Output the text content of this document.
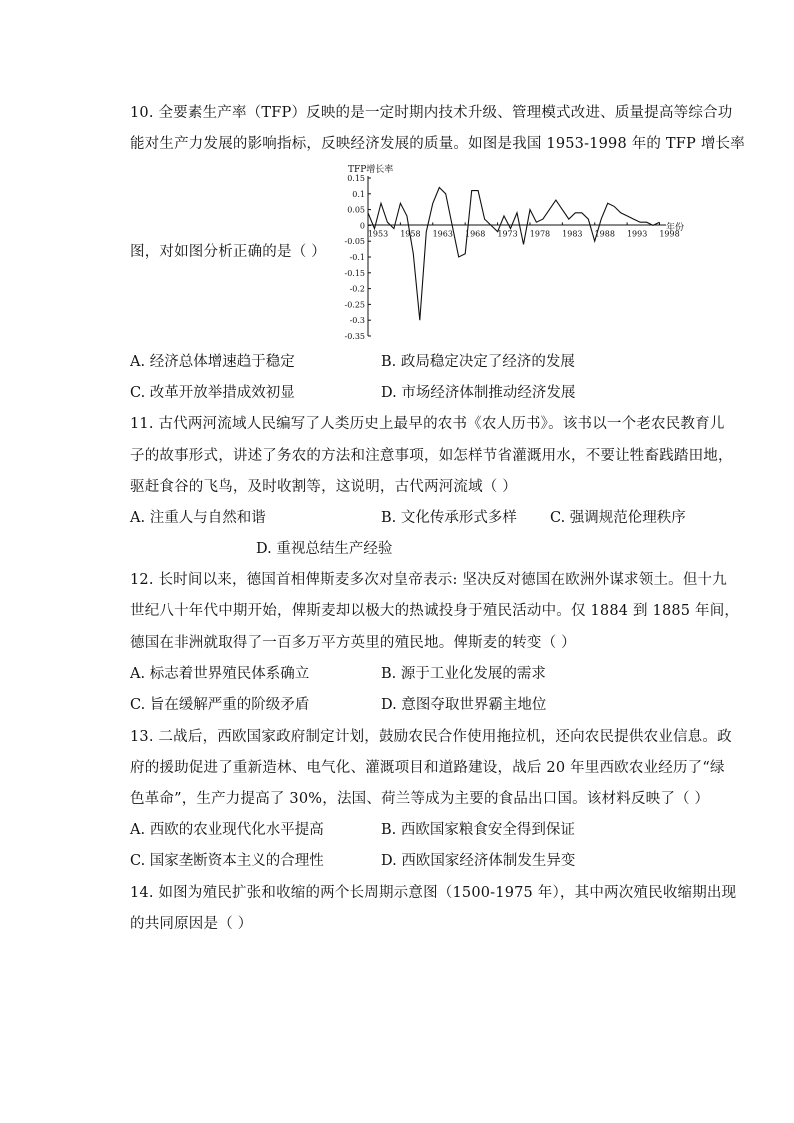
10. 全要素生产率（TFP）反映的是一定时期内技术升级、管理模式改进、质量提高等综合功
能对生产力发展的影响指标，反映经济发展的质量。如图是我国 1953-1998 年的 TFP 增长率
图，对如图分析正确的是（ ）
TFP增长率
年份
0.15
0.1
0.05
0
-0.05
-0.1
-0.15
-0.2
-0.25
-0.3
-0.35
1953 1958 1963 1968 1973 1978 1983 1988 1993 1998
A. 经济总体增速趋于稳定	B. 政局稳定决定了经济的发展
C. 改革开放举措成效初显	D. 市场经济体制推动经济发展
11. 古代两河流域人民编写了人类历史上最早的农书《农人历书》。该书以一个老农民教育儿
子的故事形式，讲述了务农的方法和注意事项，如怎样节省灌溉用水，不要让牲畜践踏田地，
驱赶食谷的飞鸟，及时收割等，这说明，古代两河流域（ ）
A. 注重人与自然和谐	B. 文化传承形式多样 C. 强调规范伦理秩序
D. 重视总结生产经验
12. 长时间以来，德国首相俾斯麦多次对皇帝表示: 坚决反对德国在欧洲外谋求领土。但十九
世纪八十年代中期开始，俾斯麦却以极大的热诚投身于殖民活动中。仅 1884 到 1885 年间，
德国在非洲就取得了一百多万平方英里的殖民地。俾斯麦的转变（ ）
A. 标志着世界殖民体系确立	B. 源于工业化发展的需求
C. 旨在缓解严重的阶级矛盾	D. 意图夺取世界霸主地位
13. 二战后，西欧国家政府制定计划，鼓励农民合作使用拖拉机，还向农民提供农业信息。政
府的援助促进了重新造林、电气化、灌溉项目和道路建设，战后 20 年里西欧农业经历了“绿
色革命”，生产力提高了 30%，法国、荷兰等成为主要的食品出口国。该材料反映了（ ）
A. 西欧的农业现代化水平提高	B. 西欧国家粮食安全得到保证
C. 国家垄断资本主义的合理性	D. 西欧国家经济体制发生异变
14. 如图为殖民扩张和收缩的两个长周期示意图（1500-1975 年），其中两次殖民收缩期出现
的共同原因是（ ）
